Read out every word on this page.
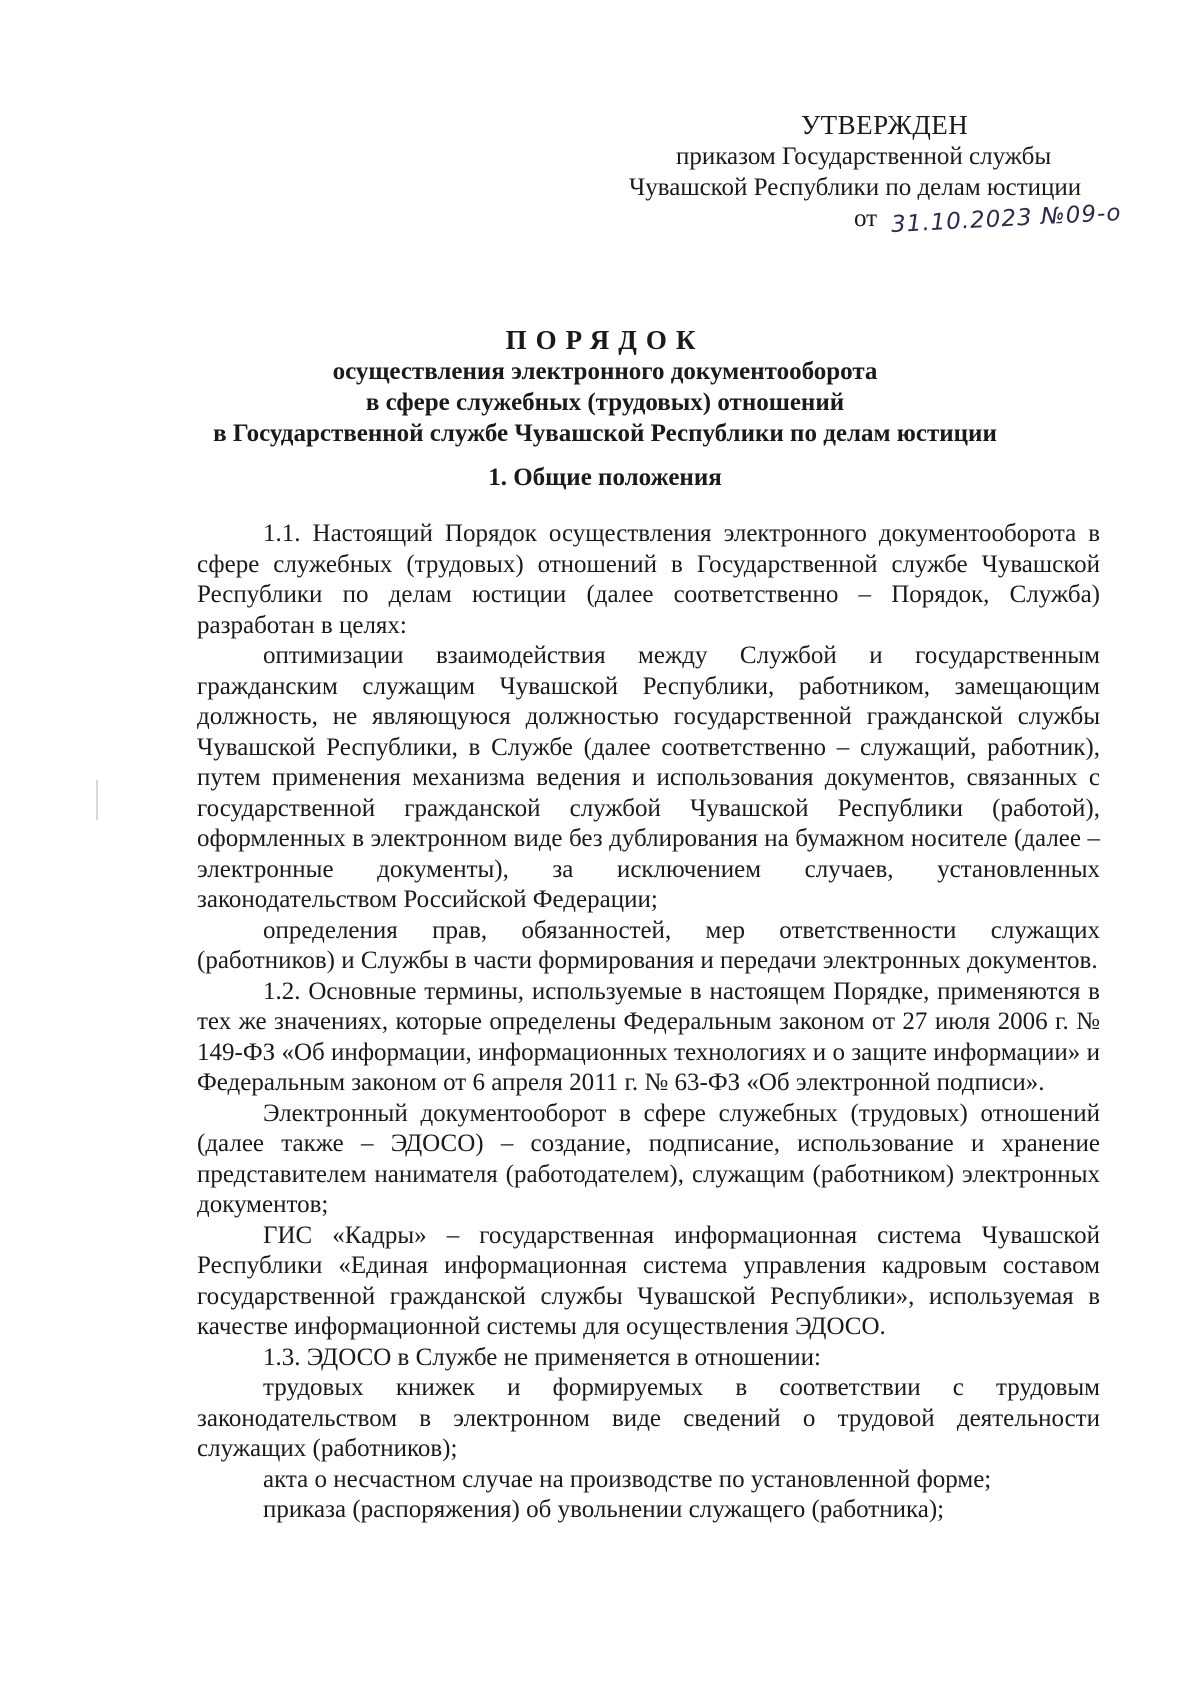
УТВЕРЖДЕН
приказом Государственной службы
Чувашской Республики по делам юстиции
от 31.10.2023 №09-о
ПОРЯДОК
осуществления электронного документооборота
в сфере служебных (трудовых) отношений
в Государственной службе Чувашской Республики по делам юстиции
1. Общие положения

1.1. Настоящий Порядок осуществления электронного документооборота в сфере служебных (трудовых) отношений в Государственной службе Чувашской Республики по делам юстиции (далее соответственно – Порядок, Служба) разработан в целях:

оптимизации взаимодействия между Службой и государственным гражданским служащим Чувашской Республики, работником, замещающим должность, не являющуюся должностью государственной гражданской службы Чувашской Республики, в Службе (далее соответственно – служащий, работник), путем применения механизма ведения и использования документов, связанных с государственной гражданской службой Чувашской Республики (работой), оформленных в электронном виде без дублирования на бумажном носителе (далее – электронные документы), за исключением случаев, установленных законодательством Российской Федерации;

определения прав, обязанностей, мер ответственности служащих (работников) и Службы в части формирования и передачи электронных документов.

1.2. Основные термины, используемые в настоящем Порядке, применяются в тех же значениях, которые определены Федеральным законом от 27 июля 2006 г. № 149-ФЗ «Об информации, информационных технологиях и о защите информации» и Федеральным законом от 6 апреля 2011 г. № 63-ФЗ «Об электронной подписи».

Электронный документооборот в сфере служебных (трудовых) отношений (далее также – ЭДОСО) – создание, подписание, использование и хранение представителем нанимателя (работодателем), служащим (работником) электронных документов;

ГИС «Кадры» – государственная информационная система Чувашской Республики «Единая информационная система управления кадровым составом государственной гражданской службы Чувашской Республики», используемая в качестве информационной системы для осуществления ЭДОСО.

1.3. ЭДОСО в Службе не применяется в отношении:

трудовых книжек и формируемых в соответствии с трудовым законодательством в электронном виде сведений о трудовой деятельности служащих (работников);

акта о несчастном случае на производстве по установленной форме;

приказа (распоряжения) об увольнении служащего (работника);
